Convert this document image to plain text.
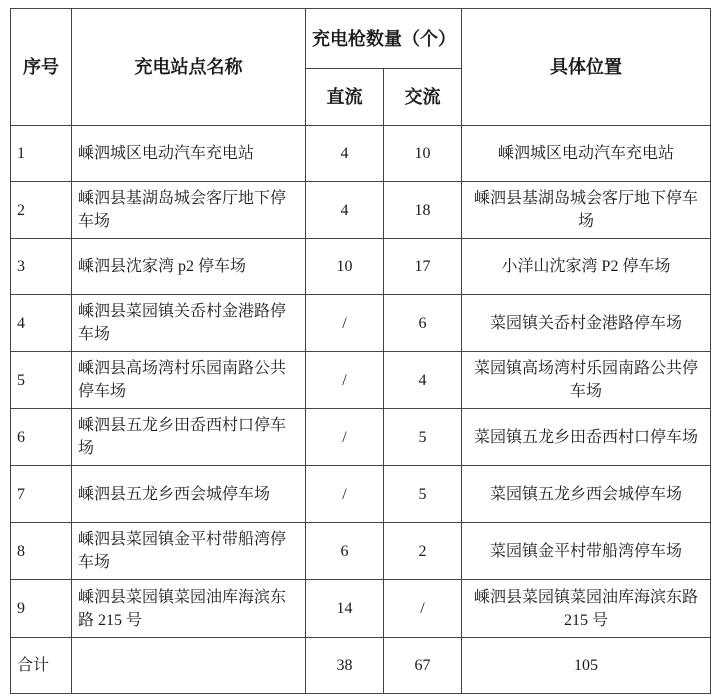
序号	充电站点名称	充电枪数量（个）		具体位置
		直流	交流	
1	嵊泗城区电动汽车充电站	4	10	嵊泗城区电动汽车充电站
2	嵊泗县基湖岛城会客厅地下停车场	4	18	嵊泗县基湖岛城会客厅地下停车场
3	嵊泗县沈家湾 p2 停车场	10	17	小洋山沈家湾 P2 停车场
4	嵊泗县菜园镇关岙村金港路停车场	/	6	菜园镇关岙村金港路停车场
5	嵊泗县高场湾村乐园南路公共停车场	/	4	菜园镇高场湾村乐园南路公共停车场
6	嵊泗县五龙乡田岙西村口停车场	/	5	菜园镇五龙乡田岙西村口停车场
7	嵊泗县五龙乡西会城停车场	/	5	菜园镇五龙乡西会城停车场
8	嵊泗县菜园镇金平村带船湾停车场	6	2	菜园镇金平村带船湾停车场
9	嵊泗县菜园镇菜园油库海滨东路 215 号	14	/	嵊泗县菜园镇菜园油库海滨东路 215 号
合计		38	67	105
